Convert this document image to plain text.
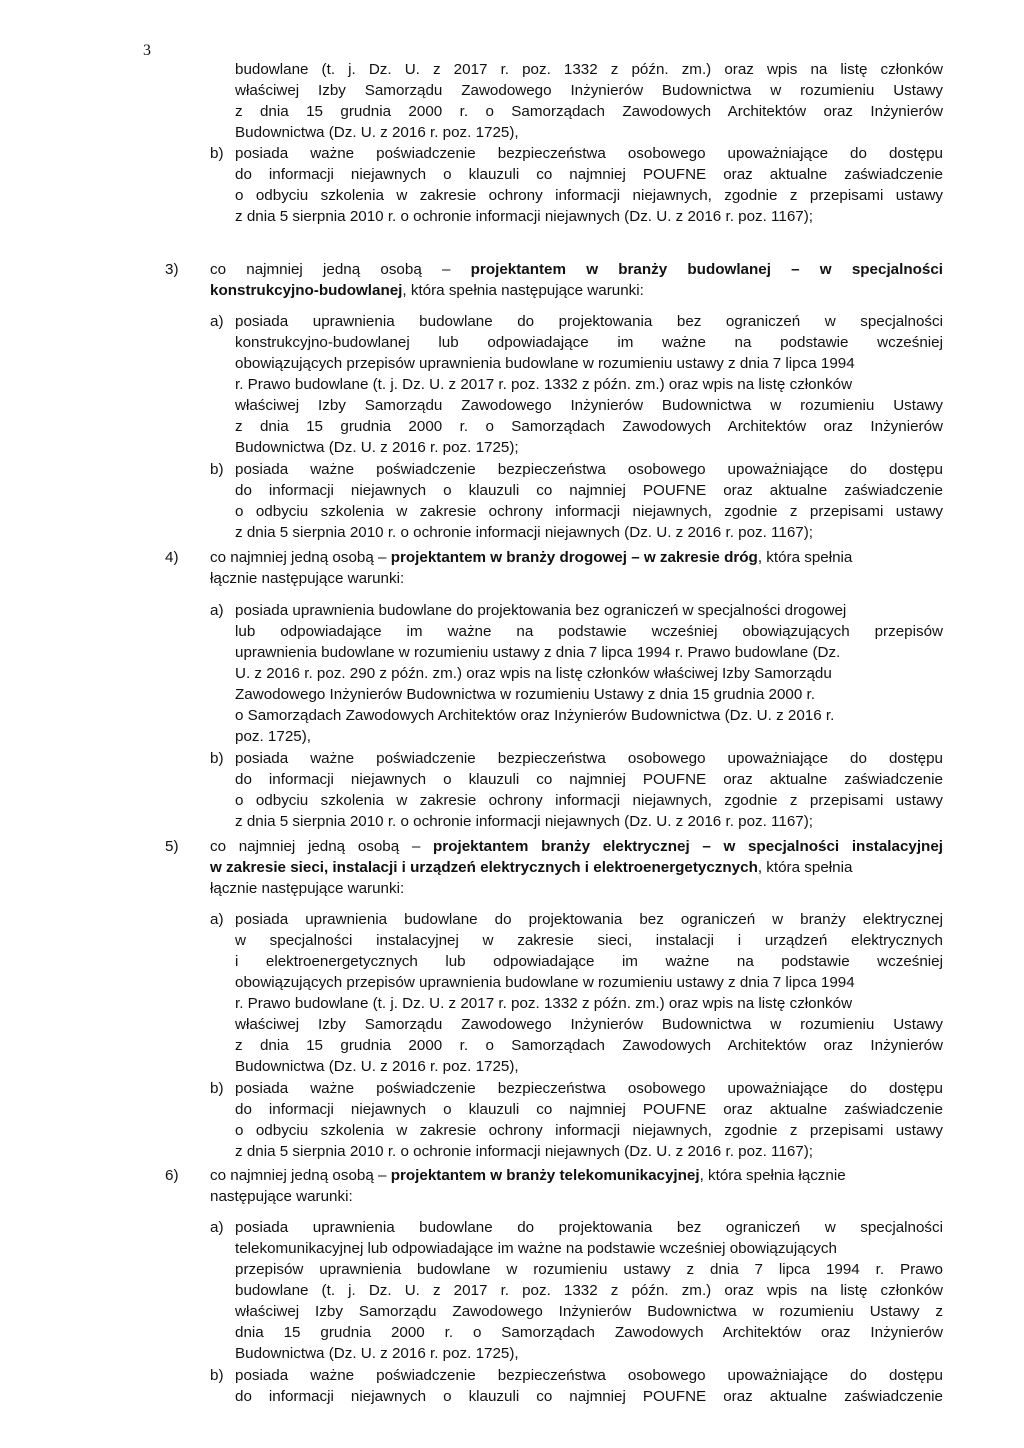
3
budowlane (t. j. Dz. U. z 2017 r. poz. 1332 z późn. zm.) oraz wpis na listę członków
właściwej Izby Samorządu Zawodowego Inżynierów Budownictwa w rozumieniu Ustawy
z dnia 15 grudnia 2000 r. o Samorządach Zawodowych Architektów oraz Inżynierów
Budownictwa (Dz. U. z 2016 r. poz. 1725),
b) posiada ważne poświadczenie bezpieczeństwa osobowego upoważniające do dostępu
do informacji niejawnych o klauzuli co najmniej POUFNE oraz aktualne zaświadczenie
o odbyciu szkolenia w zakresie ochrony informacji niejawnych, zgodnie z przepisami ustawy
z dnia 5 sierpnia 2010 r. o ochronie informacji niejawnych (Dz. U. z 2016 r. poz. 1167);
3) co najmniej jedną osobą – projektantem w branży budowlanej – w specjalności
konstrukcyjno-budowlanej, która spełnia następujące warunki:
a) posiada uprawnienia budowlane do projektowania bez ograniczeń w specjalności
konstrukcyjno-budowlanej lub odpowiadające im ważne na podstawie wcześniej
obowiązujących przepisów uprawnienia budowlane w rozumieniu ustawy z dnia 7 lipca 1994
r. Prawo budowlane (t. j. Dz. U. z 2017 r. poz. 1332 z późn. zm.) oraz wpis na listę członków
właściwej Izby Samorządu Zawodowego Inżynierów Budownictwa w rozumieniu Ustawy
z dnia 15 grudnia 2000 r. o Samorządach Zawodowych Architektów oraz Inżynierów
Budownictwa (Dz. U. z 2016 r. poz. 1725);
b) posiada ważne poświadczenie bezpieczeństwa osobowego upoważniające do dostępu
do informacji niejawnych o klauzuli co najmniej POUFNE oraz aktualne zaświadczenie
o odbyciu szkolenia w zakresie ochrony informacji niejawnych, zgodnie z przepisami ustawy
z dnia 5 sierpnia 2010 r. o ochronie informacji niejawnych (Dz. U. z 2016 r. poz. 1167);
4) co najmniej jedną osobą – projektantem w branży drogowej – w zakresie dróg, która spełnia
łącznie następujące warunki:
a) posiada uprawnienia budowlane do projektowania bez ograniczeń w specjalności drogowej
lub odpowiadające im ważne na podstawie wcześniej obowiązujących przepisów
uprawnienia budowlane w rozumieniu ustawy z dnia 7 lipca 1994 r. Prawo budowlane (Dz.
U. z 2016 r. poz. 290 z późn. zm.) oraz wpis na listę członków właściwej Izby Samorządu
Zawodowego Inżynierów Budownictwa w rozumieniu Ustawy z dnia 15 grudnia 2000 r.
o Samorządach Zawodowych Architektów oraz Inżynierów Budownictwa (Dz. U. z 2016 r.
poz. 1725),
b) posiada ważne poświadczenie bezpieczeństwa osobowego upoważniające do dostępu
do informacji niejawnych o klauzuli co najmniej POUFNE oraz aktualne zaświadczenie
o odbyciu szkolenia w zakresie ochrony informacji niejawnych, zgodnie z przepisami ustawy
z dnia 5 sierpnia 2010 r. o ochronie informacji niejawnych (Dz. U. z 2016 r. poz. 1167);
5) co najmniej jedną osobą – projektantem branży elektrycznej – w specjalności instalacyjnej
w zakresie sieci, instalacji i urządzeń elektrycznych i elektroenergetycznych, która spełnia
łącznie następujące warunki:
a) posiada uprawnienia budowlane do projektowania bez ograniczeń w branży elektrycznej
w specjalności instalacyjnej w zakresie sieci, instalacji i urządzeń elektrycznych
i elektroenergetycznych lub odpowiadające im ważne na podstawie wcześniej
obowiązujących przepisów uprawnienia budowlane w rozumieniu ustawy z dnia 7 lipca 1994
r. Prawo budowlane (t. j. Dz. U. z 2017 r. poz. 1332 z późn. zm.) oraz wpis na listę członków
właściwej Izby Samorządu Zawodowego Inżynierów Budownictwa w rozumieniu Ustawy
z dnia 15 grudnia 2000 r. o Samorządach Zawodowych Architektów oraz Inżynierów
Budownictwa (Dz. U. z 2016 r. poz. 1725),
b) posiada ważne poświadczenie bezpieczeństwa osobowego upoważniające do dostępu
do informacji niejawnych o klauzuli co najmniej POUFNE oraz aktualne zaświadczenie
o odbyciu szkolenia w zakresie ochrony informacji niejawnych, zgodnie z przepisami ustawy
z dnia 5 sierpnia 2010 r. o ochronie informacji niejawnych (Dz. U. z 2016 r. poz. 1167);
6) co najmniej jedną osobą – projektantem w branży telekomunikacyjnej, która spełnia łącznie
następujące warunki:
a) posiada uprawnienia budowlane do projektowania bez ograniczeń w specjalności
telekomunikacyjnej lub odpowiadające im ważne na podstawie wcześniej obowiązujących
przepisów uprawnienia budowlane w rozumieniu ustawy z dnia 7 lipca 1994 r. Prawo
budowlane (t. j. Dz. U. z 2017 r. poz. 1332 z późn. zm.) oraz wpis na listę członków
właściwej Izby Samorządu Zawodowego Inżynierów Budownictwa w rozumieniu Ustawy z
dnia 15 grudnia 2000 r. o Samorządach Zawodowych Architektów oraz Inżynierów
Budownictwa (Dz. U. z 2016 r. poz. 1725),
b) posiada ważne poświadczenie bezpieczeństwa osobowego upoważniające do dostępu
do informacji niejawnych o klauzuli co najmniej POUFNE oraz aktualne zaświadczenie
